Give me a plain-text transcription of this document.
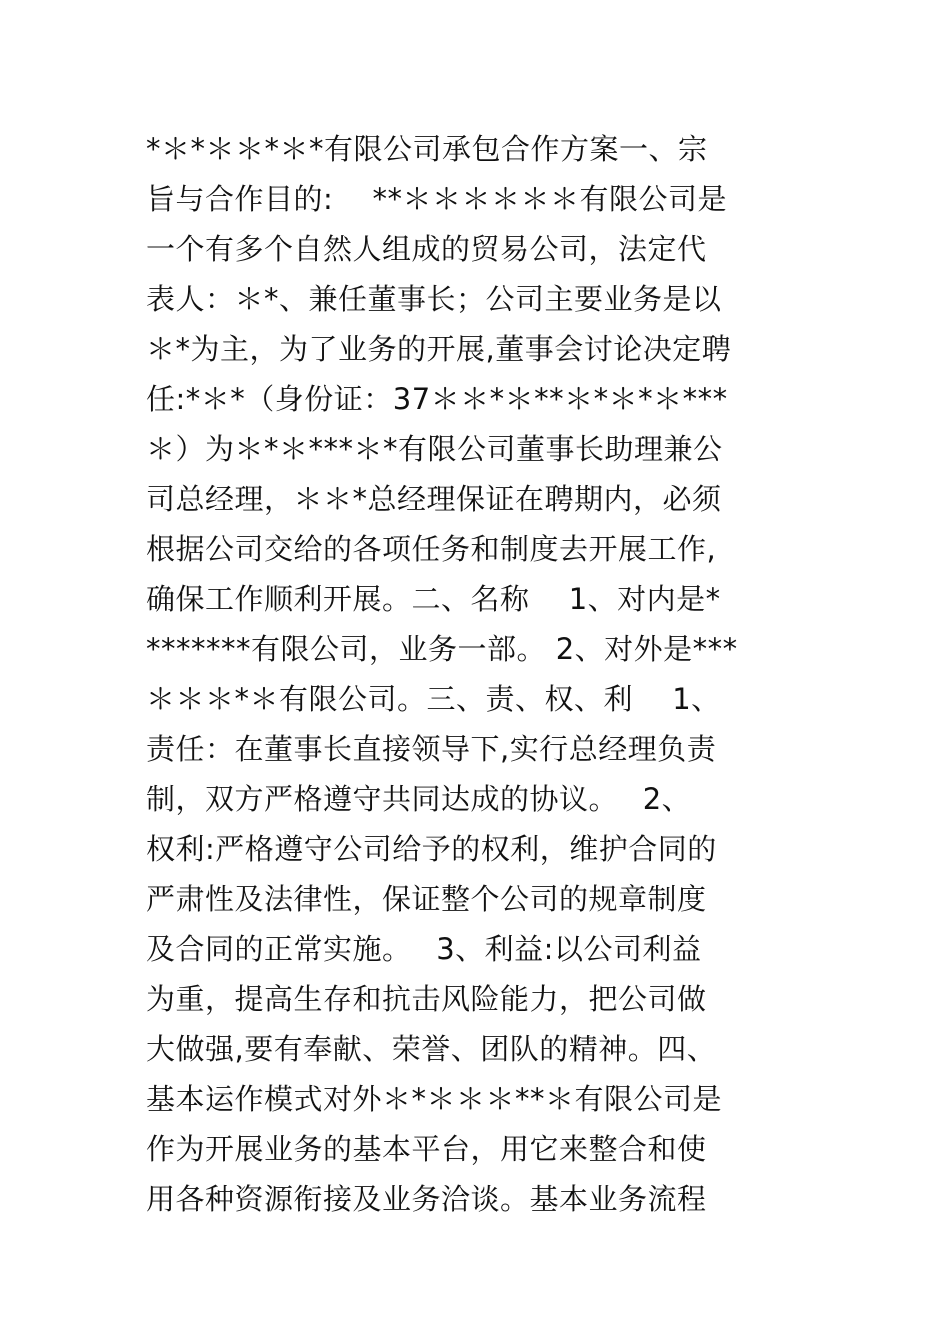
*＊*＊＊*＊*有限公司承包合作方案一、宗
旨与合作目的:　 **＊＊＊＊＊＊有限公司是
一个有多个自然人组成的贸易公司，法定代
表人：＊*、兼任董事长；公司主要业务是以
＊*为主，为了业务的开展,董事会讨论决定聘
任:*＊*（身份证：37＊＊*＊**＊*＊*＊***
＊）为＊*＊***＊*有限公司董事长助理兼公
司总经理，＊＊*总经理保证在聘期内，必须
根据公司交给的各项任务和制度去开展工作,
确保工作顺利开展。二、名称　 1、对内是*
*******有限公司，业务一部。 2、对外是***
＊＊＊*＊有限公司。三、责、权、利　 1、
责任：在董事长直接领导下,实行总经理负责
制，双方严格遵守共同达成的协议。　 2、
权利:严格遵守公司给予的权利，维护合同的
严肃性及法律性，保证整个公司的规章制度
及合同的正常实施。　 3、利益:以公司利益
为重，提高生存和抗击风险能力，把公司做
大做强,要有奉献、荣誉、团队的精神。四、
基本运作模式对外＊*＊＊＊**＊有限公司是
作为开展业务的基本平台，用它来整合和使
用各种资源衔接及业务洽谈。基本业务流程
